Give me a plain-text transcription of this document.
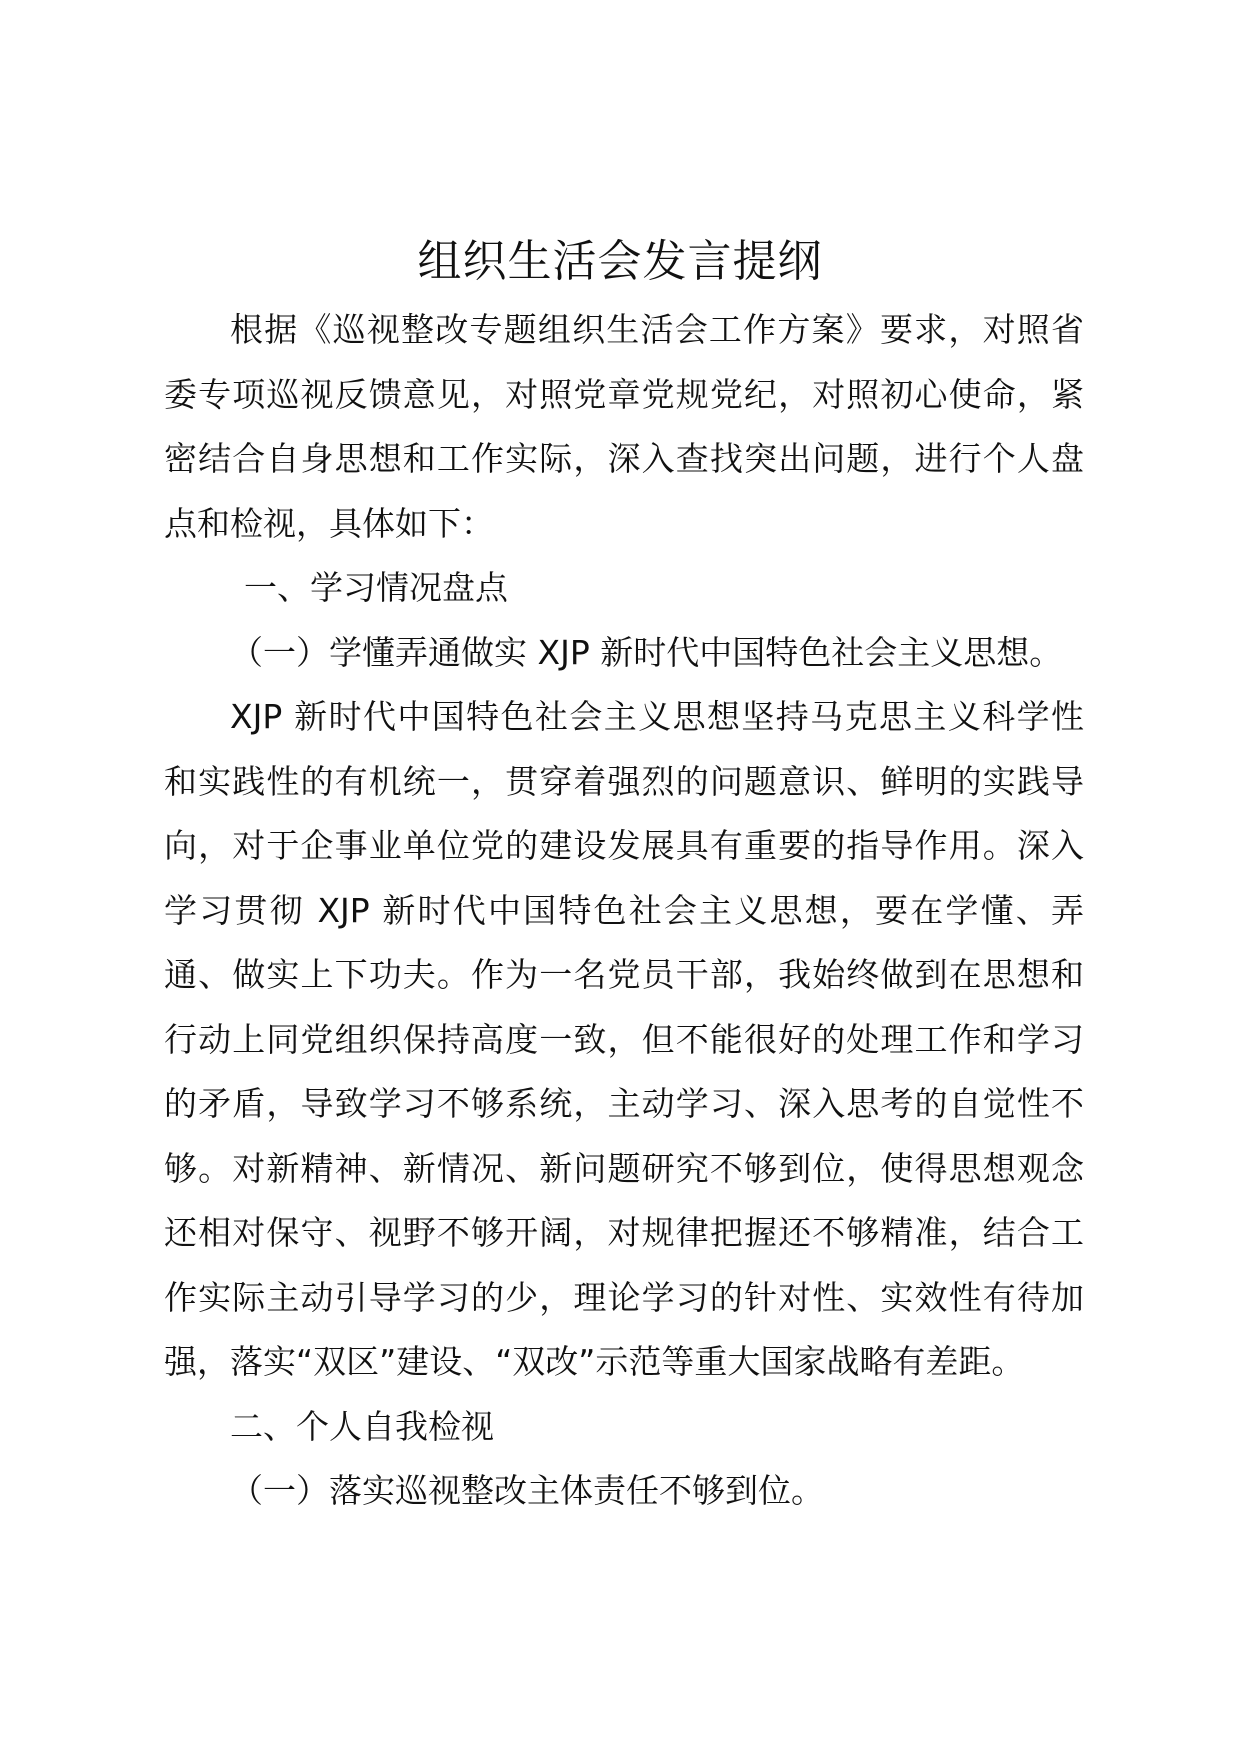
组织生活会发言提纲

根据《巡视整改专题组织生活会工作方案》要求，对照省委专项巡视反馈意见，对照党章党规党纪，对照初心使命，紧密结合自身思想和工作实际，深入查找突出问题，进行个人盘点和检视，具体如下：

一、学习情况盘点

（一）学懂弄通做实 XJP 新时代中国特色社会主义思想。

XJP 新时代中国特色社会主义思想坚持马克思主义科学性和实践性的有机统一，贯穿着强烈的问题意识、鲜明的实践导向，对于企事业单位党的建设发展具有重要的指导作用。深入学习贯彻 XJP 新时代中国特色社会主义思想，要在学懂、弄通、做实上下功夫。作为一名党员干部，我始终做到在思想和行动上同党组织保持高度一致，但不能很好的处理工作和学习的矛盾，导致学习不够系统，主动学习、深入思考的自觉性不够。对新精神、新情况、新问题研究不够到位，使得思想观念还相对保守、视野不够开阔，对规律把握还不够精准，结合工作实际主动引导学习的少，理论学习的针对性、实效性有待加强，落实“双区”建设、“双改”示范等重大国家战略有差距。

二、个人自我检视

（一）落实巡视整改主体责任不够到位。
